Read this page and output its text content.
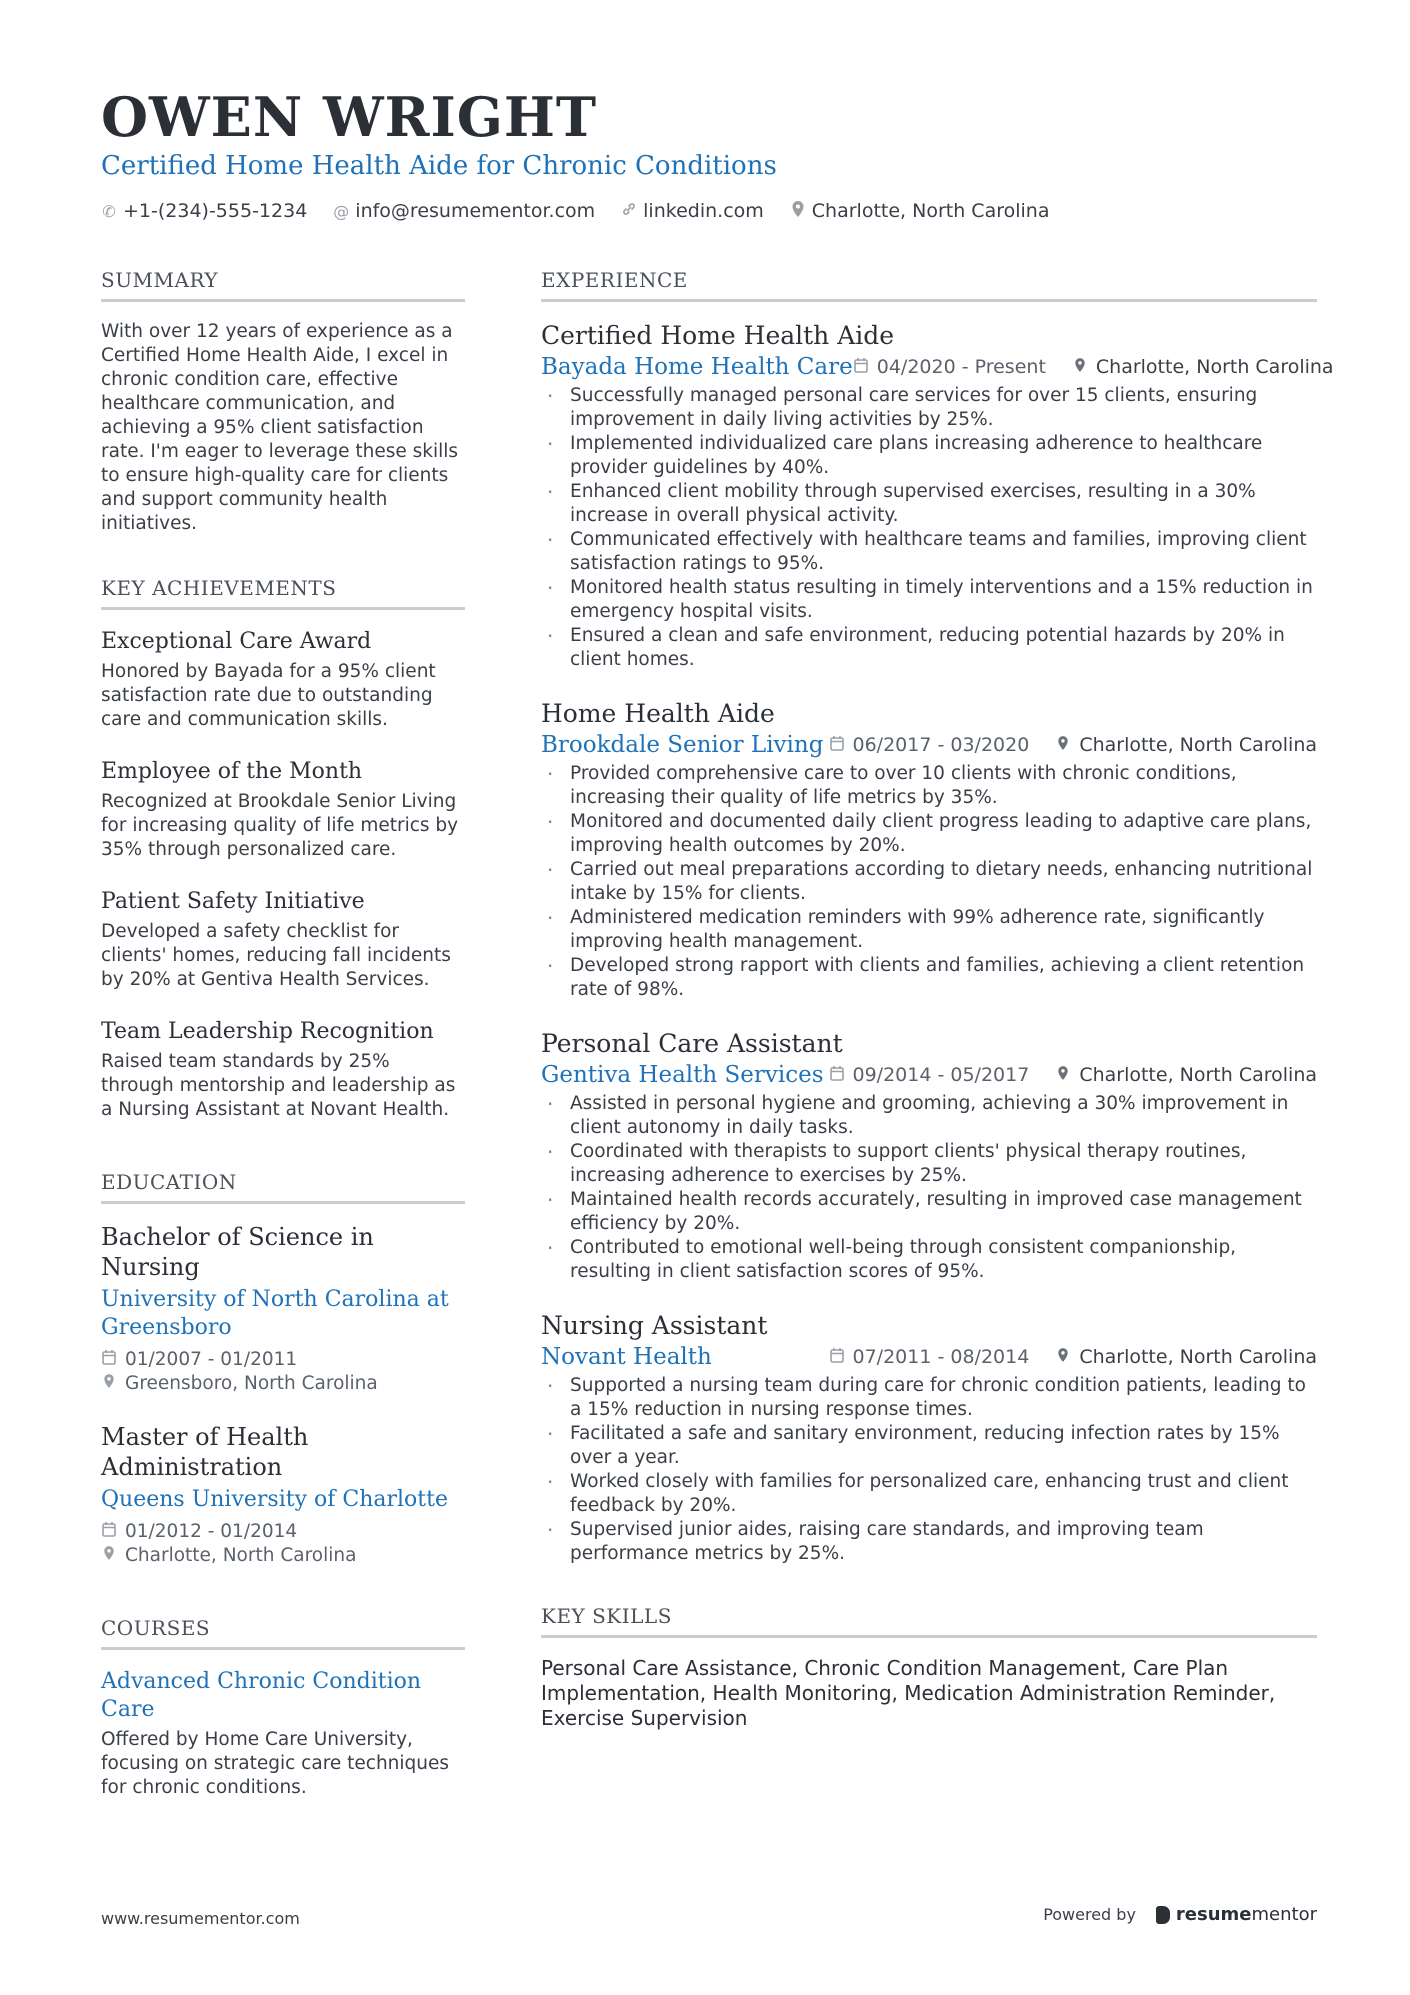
OWEN WRIGHT
Certified Home Health Aide for Chronic Conditions
✆ +1-(234)-555-1234 @ info@resumementor.com	linkedin.com	Charlotte, North Carolina
SUMMARY
With over 12 years of experience as a Certified Home Health Aide, I excel in chronic condition care, effective healthcare communication, and achieving a 95% client satisfaction rate. I'm eager to leverage these skills to ensure high-quality care for clients and support community health initiatives.
KEY ACHIEVEMENTS
Exceptional Care Award
Honored by Bayada for a 95% client satisfaction rate due to outstanding care and communication skills.
Employee of the Month
Recognized at Brookdale Senior Living for increasing quality of life metrics by 35% through personalized care.
Patient Safety Initiative
Developed a safety checklist for clients' homes, reducing fall incidents by 20% at Gentiva Health Services.
Team Leadership Recognition
Raised team standards by 25% through mentorship and leadership as a Nursing Assistant at Novant Health.
EDUCATION
Bachelor of Science in Nursing
University of North Carolina at Greensboro
01/2007 - 01/2011
Greensboro, North Carolina
Master of Health Administration
Queens University of Charlotte
01/2012 - 01/2014
Charlotte, North Carolina
COURSES
Advanced Chronic Condition Care
Offered by Home Care University, focusing on strategic care techniques for chronic conditions.
EXPERIENCE
Certified Home Health Aide
Bayada Home Health Care 04/2020 - Present	Charlotte, North Carolina
· Successfully managed personal care services for over 15 clients, ensuring improvement in daily living activities by 25%.
· Implemented individualized care plans increasing adherence to healthcare provider guidelines by 40%.
· Enhanced client mobility through supervised exercises, resulting in a 30% increase in overall physical activity.
· Communicated effectively with healthcare teams and families, improving client satisfaction ratings to 95%.
· Monitored health status resulting in timely interventions and a 15% reduction in emergency hospital visits.
· Ensured a clean and safe environment, reducing potential hazards by 20% in client homes.
Home Health Aide
Brookdale Senior Living 06/2017 - 03/2020	Charlotte, North Carolina
· Provided comprehensive care to over 10 clients with chronic conditions, increasing their quality of life metrics by 35%.
· Monitored and documented daily client progress leading to adaptive care plans, improving health outcomes by 20%.
· Carried out meal preparations according to dietary needs, enhancing nutritional intake by 15% for clients.
· Administered medication reminders with 99% adherence rate, significantly improving health management.
· Developed strong rapport with clients and families, achieving a client retention rate of 98%.
Personal Care Assistant
Gentiva Health Services 09/2014 - 05/2017	Charlotte, North Carolina
· Assisted in personal hygiene and grooming, achieving a 30% improvement in client autonomy in daily tasks.
· Coordinated with therapists to support clients' physical therapy routines, increasing adherence to exercises by 25%.
· Maintained health records accurately, resulting in improved case management efficiency by 20%.
· Contributed to emotional well-being through consistent companionship, resulting in client satisfaction scores of 95%.
Nursing Assistant
Novant Health	07/2011 - 08/2014	Charlotte, North Carolina
· Supported a nursing team during care for chronic condition patients, leading to a 15% reduction in nursing response times.
· Facilitated a safe and sanitary environment, reducing infection rates by 15% over a year.
· Worked closely with families for personalized care, enhancing trust and client feedback by 20%.
· Supervised junior aides, raising care standards, and improving team performance metrics by 25%.
KEY SKILLS
Personal Care Assistance, Chronic Condition Management, Care Plan Implementation, Health Monitoring, Medication Administration Reminder, Exercise Supervision
www.resumementor.com	Powered by resumementor
